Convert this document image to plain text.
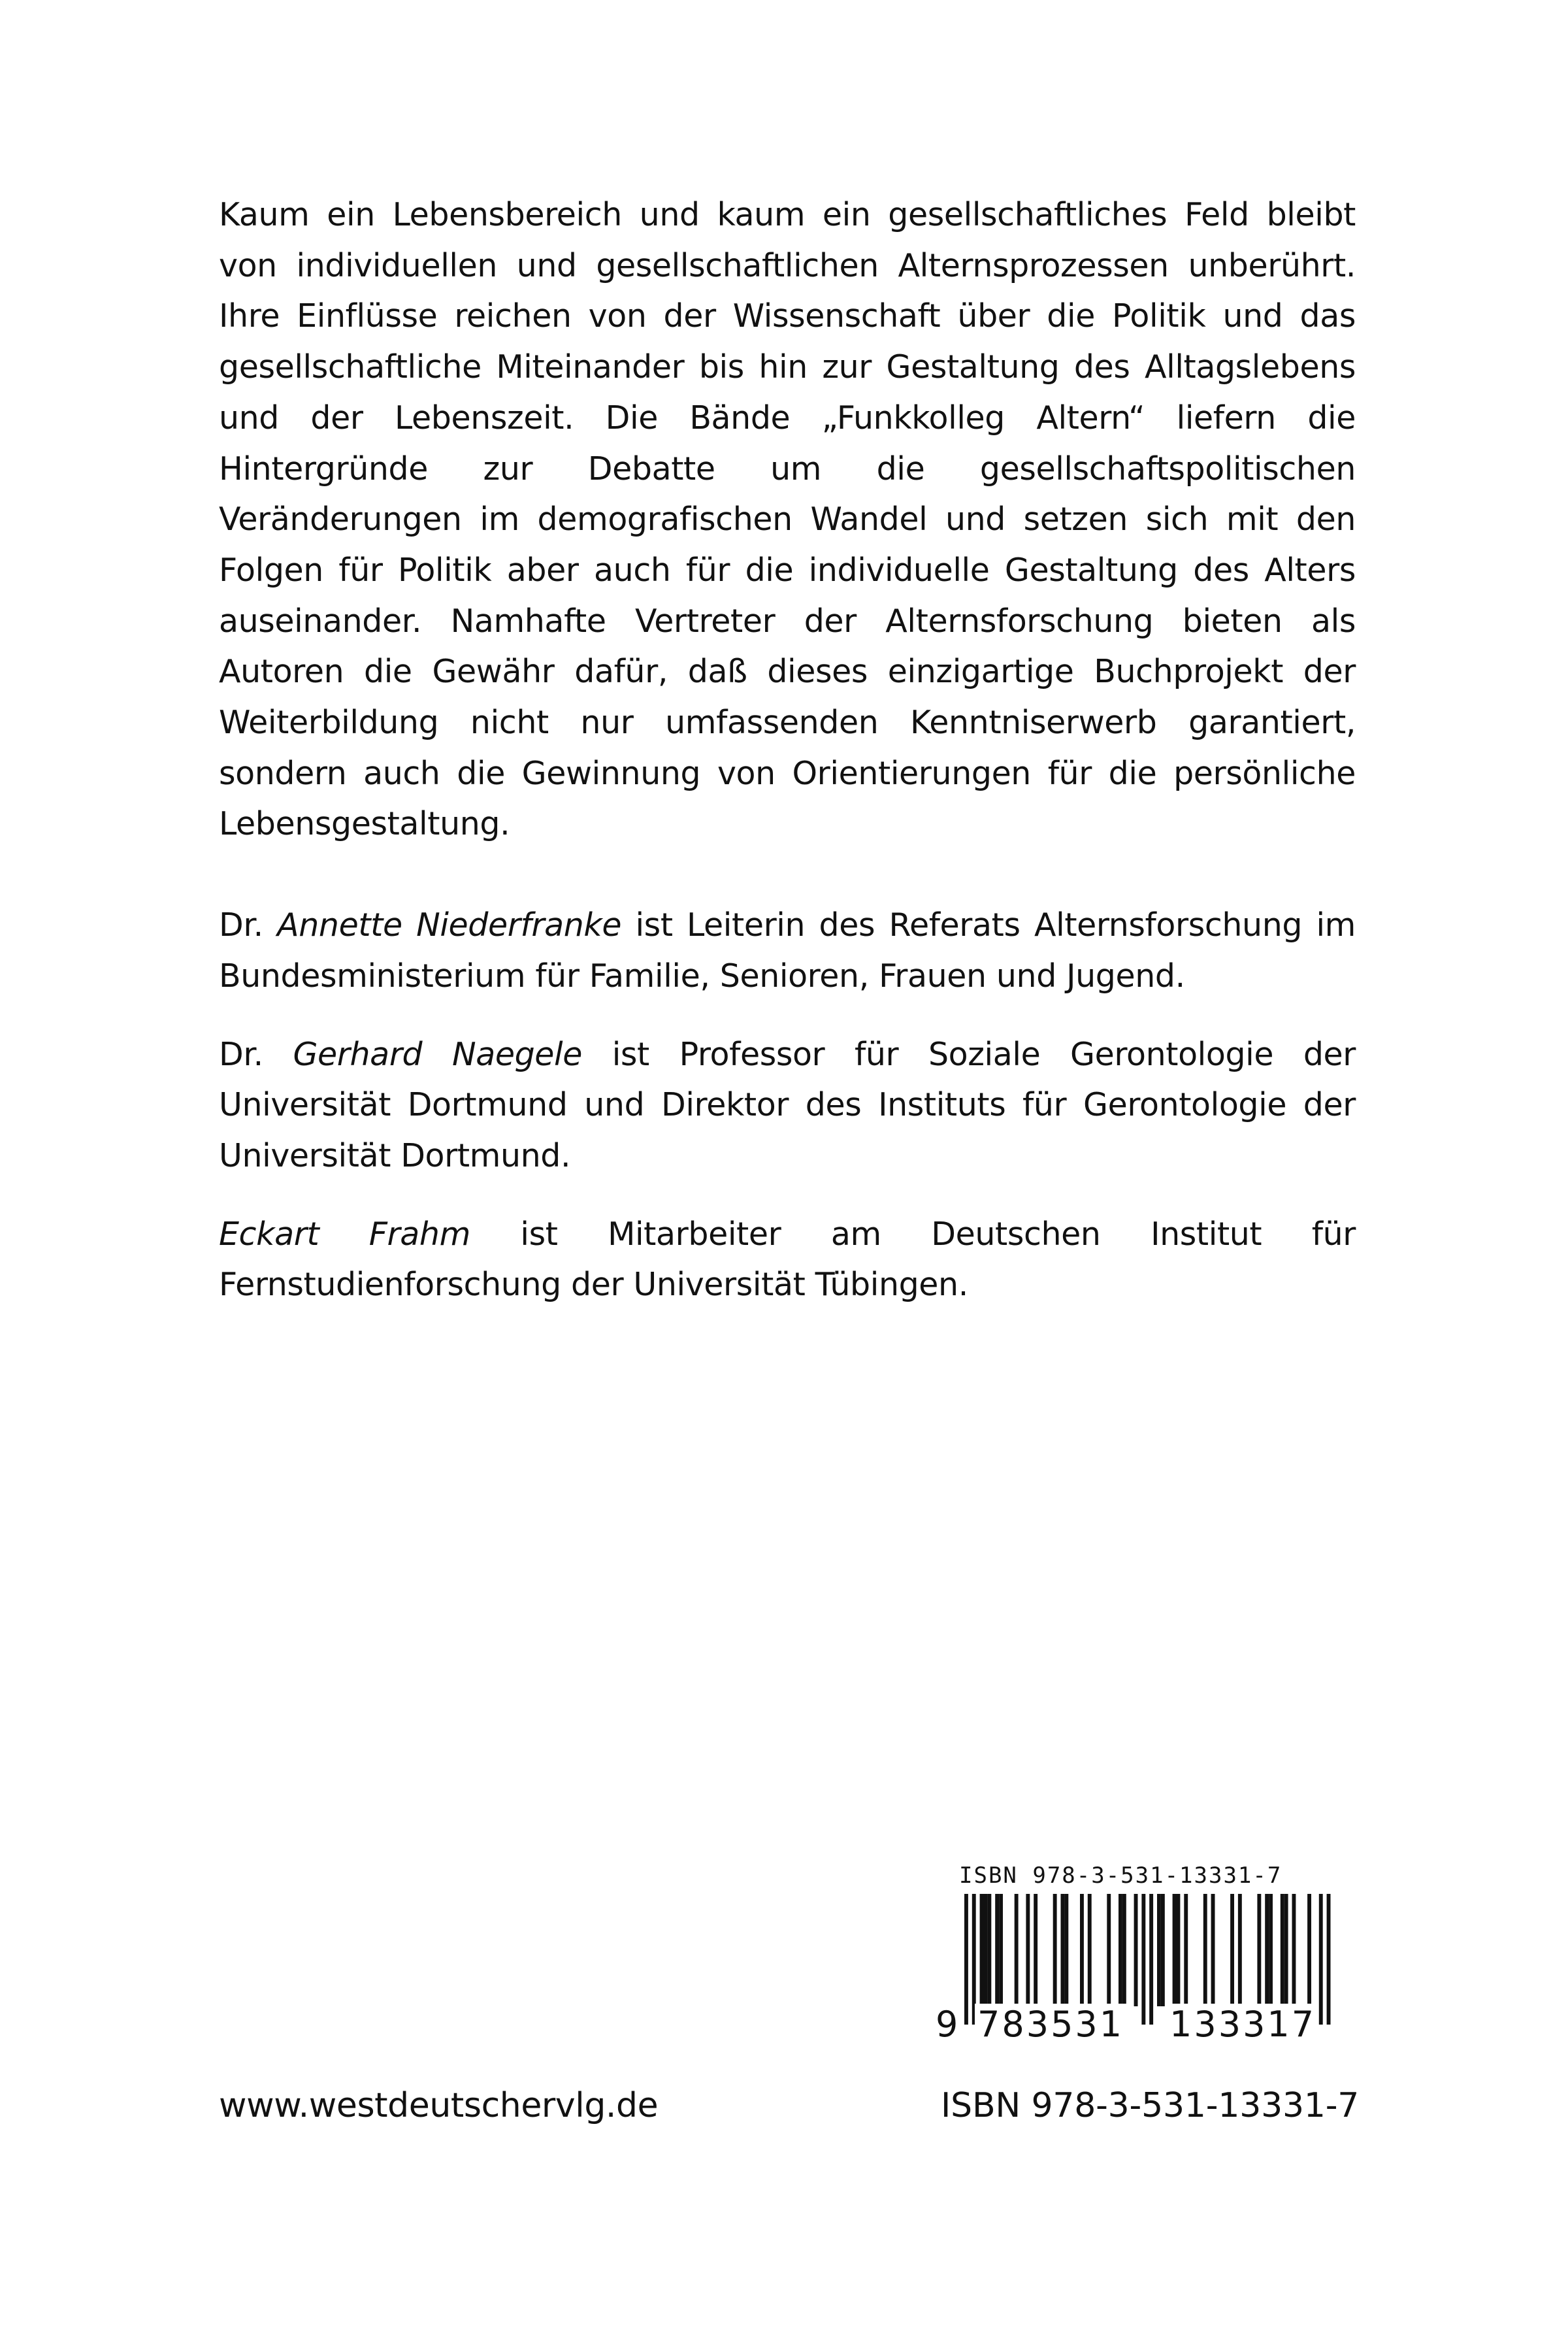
Kaum ein Lebensbereich und kaum ein gesellschaftliches Feld bleibt von individuellen und gesellschaftlichen Alternsprozessen unberührt. Ihre Einflüsse reichen von der Wissenschaft über die Politik und das gesellschaftliche Miteinander bis hin zur Gestaltung des Alltagslebens und der Lebenszeit. Die Bände „Funkkolleg Altern“ liefern die Hintergründe zur Debatte um die gesellschaftspolitischen Veränderungen im demografischen Wandel und setzen sich mit den Folgen für Politik aber auch für die individuelle Gestaltung des Alters auseinander. Namhafte Vertreter der Alternsforschung bieten als Autoren die Gewähr dafür, daß dieses einzigartige Buchprojekt der Weiterbildung nicht nur umfassenden Kenntniserwerb garantiert, sondern auch die Gewinnung von Orientierungen für die persönliche Lebensgestaltung.

Dr. Annette Niederfranke ist Leiterin des Referats Alternsforschung im Bundesministerium für Familie, Senioren, Frauen und Jugend.

Dr. Gerhard Naegele ist Professor für Soziale Gerontologie der Universität Dortmund und Direktor des Instituts für Gerontologie der Universität Dortmund.

Eckart Frahm ist Mitarbeiter am Deutschen Institut für Fernstudienforschung der Universität Tübingen.

ISBN 978-3-531-13331-7
9 783531 133317
www.westdeutschervlg.de	ISBN 978-3-531-13331-7
